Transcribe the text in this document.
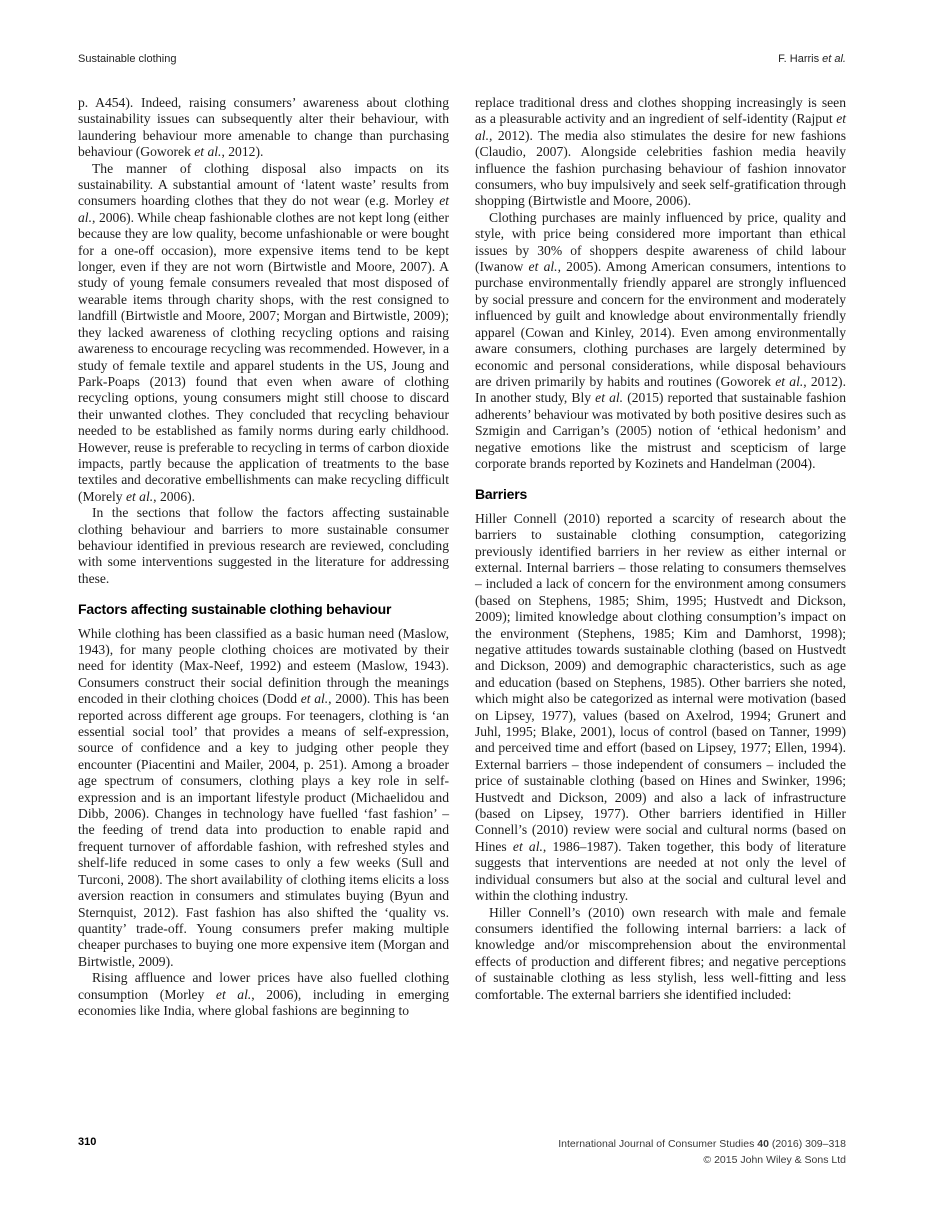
Sustainable clothing	F. Harris et al.

p. A454). Indeed, raising consumers’ awareness about clothing sustainability issues can subsequently alter their behaviour, with laundering behaviour more amenable to change than purchasing behaviour (Goworek et al., 2012).

The manner of clothing disposal also impacts on its sustainability. A substantial amount of ‘latent waste’ results from consumers hoarding clothes that they do not wear (e.g. Morley et al., 2006). While cheap fashionable clothes are not kept long (either because they are low quality, become unfashionable or were bought for a one-off occasion), more expensive items tend to be kept longer, even if they are not worn (Birtwistle and Moore, 2007). A study of young female consumers revealed that most disposed of wearable items through charity shops, with the rest consigned to landfill (Birtwistle and Moore, 2007; Morgan and Birtwistle, 2009); they lacked awareness of clothing recycling options and raising awareness to encourage recycling was recommended. However, in a study of female textile and apparel students in the US, Joung and Park-Poaps (2013) found that even when aware of clothing recycling options, young consumers might still choose to discard their unwanted clothes. They concluded that recycling behaviour needed to be established as family norms during early childhood. However, reuse is preferable to recycling in terms of carbon dioxide impacts, partly because the application of treatments to the base textiles and decorative embellishments can make recycling difficult (Morely et al., 2006).

In the sections that follow the factors affecting sustainable clothing behaviour and barriers to more sustainable consumer behaviour identified in previous research are reviewed, concluding with some interventions suggested in the literature for addressing these.

Factors affecting sustainable clothing behaviour

While clothing has been classified as a basic human need (Maslow, 1943), for many people clothing choices are motivated by their need for identity (Max-Neef, 1992) and esteem (Maslow, 1943). Consumers construct their social definition through the meanings encoded in their clothing choices (Dodd et al., 2000). This has been reported across different age groups. For teenagers, clothing is ‘an essential social tool’ that provides a means of self-expression, source of confidence and a key to judging other people they encounter (Piacentini and Mailer, 2004, p. 251). Among a broader age spectrum of consumers, clothing plays a key role in self-expression and is an important lifestyle product (Michaelidou and Dibb, 2006). Changes in technology have fuelled ‘fast fashion’ – the feeding of trend data into production to enable rapid and frequent turnover of affordable fashion, with refreshed styles and shelf-life reduced in some cases to only a few weeks (Sull and Turconi, 2008). The short availability of clothing items elicits a loss aversion reaction in consumers and stimulates buying (Byun and Sternquist, 2012). Fast fashion has also shifted the ‘quality vs. quantity’ trade-off. Young consumers prefer making multiple cheaper purchases to buying one more expensive item (Morgan and Birtwistle, 2009).

Rising affluence and lower prices have also fuelled clothing consumption (Morley et al., 2006), including in emerging economies like India, where global fashions are beginning to

replace traditional dress and clothes shopping increasingly is seen as a pleasurable activity and an ingredient of self-identity (Rajput et al., 2012). The media also stimulates the desire for new fashions (Claudio, 2007). Alongside celebrities fashion media heavily influence the fashion purchasing behaviour of fashion innovator consumers, who buy impulsively and seek self-gratification through shopping (Birtwistle and Moore, 2006).

Clothing purchases are mainly influenced by price, quality and style, with price being considered more important than ethical issues by 30% of shoppers despite awareness of child labour (Iwanow et al., 2005). Among American consumers, intentions to purchase environmentally friendly apparel are strongly influenced by social pressure and concern for the environment and moderately influenced by guilt and knowledge about environmentally friendly apparel (Cowan and Kinley, 2014). Even among environmentally aware consumers, clothing purchases are largely determined by economic and personal considerations, while disposal behaviours are driven primarily by habits and routines (Goworek et al., 2012). In another study, Bly et al. (2015) reported that sustainable fashion adherents’ behaviour was motivated by both positive desires such as Szmigin and Carrigan’s (2005) notion of ‘ethical hedonism’ and negative emotions like the mistrust and scepticism of large corporate brands reported by Kozinets and Handelman (2004).

Barriers

Hiller Connell (2010) reported a scarcity of research about the barriers to sustainable clothing consumption, categorizing previously identified barriers in her review as either internal or external. Internal barriers – those relating to consumers themselves – included a lack of concern for the environment among consumers (based on Stephens, 1985; Shim, 1995; Hustvedt and Dickson, 2009); limited knowledge about clothing consumption’s impact on the environment (Stephens, 1985; Kim and Damhorst, 1998); negative attitudes towards sustainable clothing (based on Hustvedt and Dickson, 2009) and demographic characteristics, such as age and education (based on Stephens, 1985). Other barriers she noted, which might also be categorized as internal were motivation (based on Lipsey, 1977), values (based on Axelrod, 1994; Grunert and Juhl, 1995; Blake, 2001), locus of control (based on Tanner, 1999) and perceived time and effort (based on Lipsey, 1977; Ellen, 1994). External barriers – those independent of consumers – included the price of sustainable clothing (based on Hines and Swinker, 1996; Hustvedt and Dickson, 2009) and also a lack of infrastructure (based on Lipsey, 1977). Other barriers identified in Hiller Connell’s (2010) review were social and cultural norms (based on Hines et al., 1986–1987). Taken together, this body of literature suggests that interventions are needed at not only the level of individual consumers but also at the social and cultural level and within the clothing industry.

Hiller Connell’s (2010) own research with male and female consumers identified the following internal barriers: a lack of knowledge and/or miscomprehension about the environmental effects of production and different fibres; and negative perceptions of sustainable clothing as less stylish, less well-fitting and less comfortable. The external barriers she identified included:

310	International Journal of Consumer Studies 40 (2016) 309–318
© 2015 John Wiley & Sons Ltd
